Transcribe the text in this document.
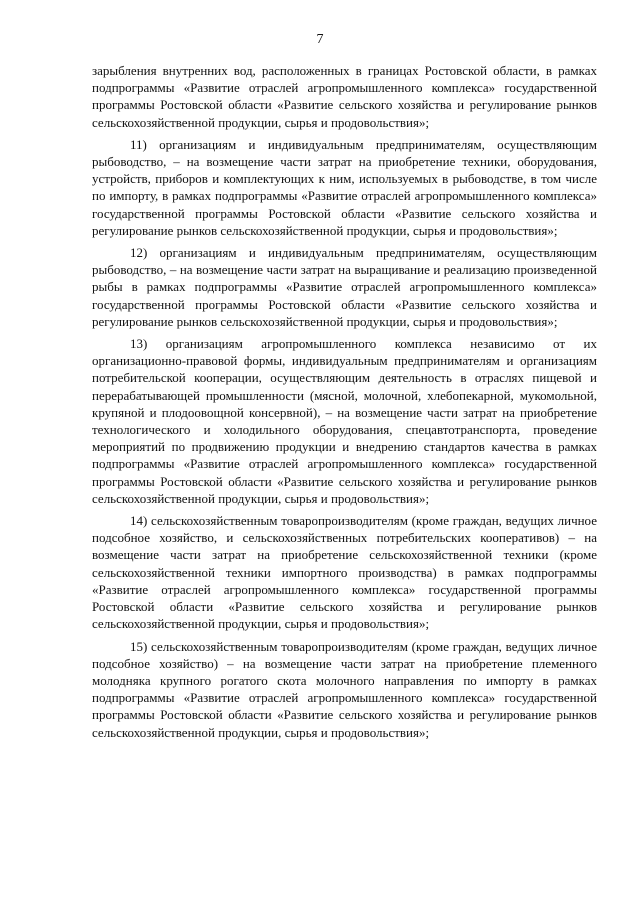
7

зарыбления внутренних вод, расположенных в границах Ростовской области, в рамках подпрограммы «Развитие отраслей агропромышленного комплекса» государственной программы Ростовской области «Развитие сельского хозяйства и регулирование рынков сельскохозяйственной продукции, сырья и продовольствия»;

11) организациям и индивидуальным предпринимателям, осуществляющим рыбоводство, – на возмещение части затрат на приобретение техники, оборудования, устройств, приборов и комплектующих к ним, используемых в рыбоводстве, в том числе по импорту, в рамках подпрограммы «Развитие отраслей агропромышленного комплекса» государственной программы Ростовской области «Развитие сельского хозяйства и регулирование рынков сельскохозяйственной продукции, сырья и продовольствия»;

12) организациям и индивидуальным предпринимателям, осуществляющим рыбоводство, – на возмещение части затрат на выращивание и реализацию произведенной рыбы в рамках подпрограммы «Развитие отраслей агропромышленного комплекса» государственной программы Ростовской области «Развитие сельского хозяйства и регулирование рынков сельскохозяйственной продукции, сырья и продовольствия»;

13) организациям агропромышленного комплекса независимо от их организационно-правовой формы, индивидуальным предпринимателям и организациям потребительской кооперации, осуществляющим деятельность в отраслях пищевой и перерабатывающей промышленности (мясной, молочной, хлебопекарной, мукомольной, крупяной и плодоовощной консервной), – на возмещение части затрат на приобретение технологического и холодильного оборудования, спецавтотранспорта, проведение мероприятий по продвижению продукции и внедрению стандартов качества в рамках подпрограммы «Развитие отраслей агропромышленного комплекса» государственной программы Ростовской области «Развитие сельского хозяйства и регулирование рынков сельскохозяйственной продукции, сырья и продовольствия»;

14) сельскохозяйственным товаропроизводителям (кроме граждан, ведущих личное подсобное хозяйство, и сельскохозяйственных потребительских кооперативов) – на возмещение части затрат на приобретение сельскохозяйственной техники (кроме сельскохозяйственной техники импортного производства) в рамках подпрограммы «Развитие отраслей агропромышленного комплекса» государственной программы Ростовской области «Развитие сельского хозяйства и регулирование рынков сельскохозяйственной продукции, сырья и продовольствия»;

15) сельскохозяйственным товаропроизводителям (кроме граждан, ведущих личное подсобное хозяйство) – на возмещение части затрат на приобретение племенного молодняка крупного рогатого скота молочного направления по импорту в рамках подпрограммы «Развитие отраслей агропромышленного комплекса» государственной программы Ростовской области «Развитие сельского хозяйства и регулирование рынков сельскохозяйственной продукции, сырья и продовольствия»;
